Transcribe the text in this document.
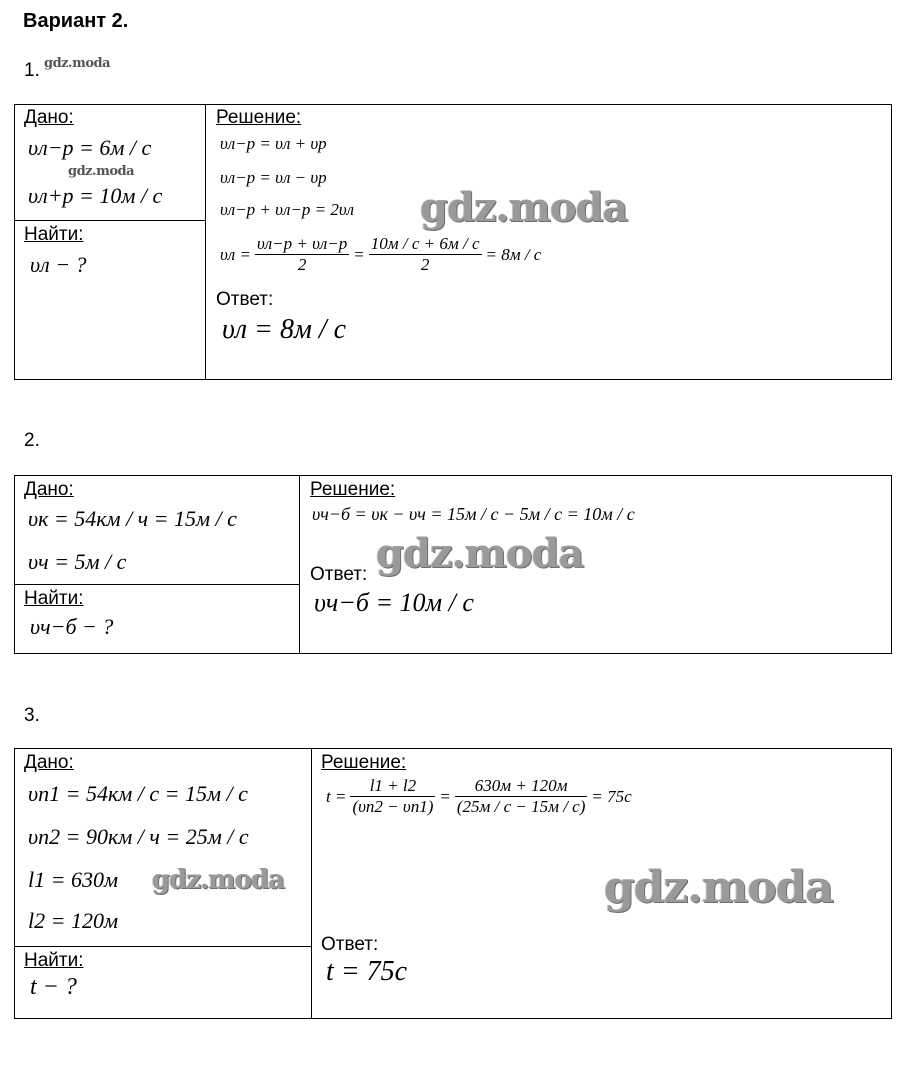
Вариант 2.
1. gdz.moda
Дано:
υл−р = 6м / с
gdz.moda
υл+р = 10м / с
Найти:
υл − ?
Решение:
υл−р = υл + υр
υл−р = υл − υр
υл−р + υл−р = 2υл gdz.moda
$\upsilon л = \frac{\upsilon л-р + \upsilon л-р}{2} = \frac{10м / с + 6м / с}{2} = 8м / с$
Ответ:
υл = 8м / с
2.
Дано:
υк = 54км / ч = 15м / с
υч = 5м / с
Найти:
υч−б − ?
Решение:
υч−б = υк − υч = 15м / с − 5м / с = 10м / с
Ответ: gdz.moda
υч−б = 10м / с
3.
Дано:
υп1 = 54км / с = 15м / с
υп2 = 90км / ч = 25м / с
l1 = 630м gdz.moda
l2 = 120м
Найти:
t − ?
Решение:
$t = \frac{l1 + l2}{(\upsilon п2 - \upsilon п1)} = \frac{630м + 120м}{(25м / с - 15м / с)} = 75с$
gdz.moda
Ответ:
t = 75с
